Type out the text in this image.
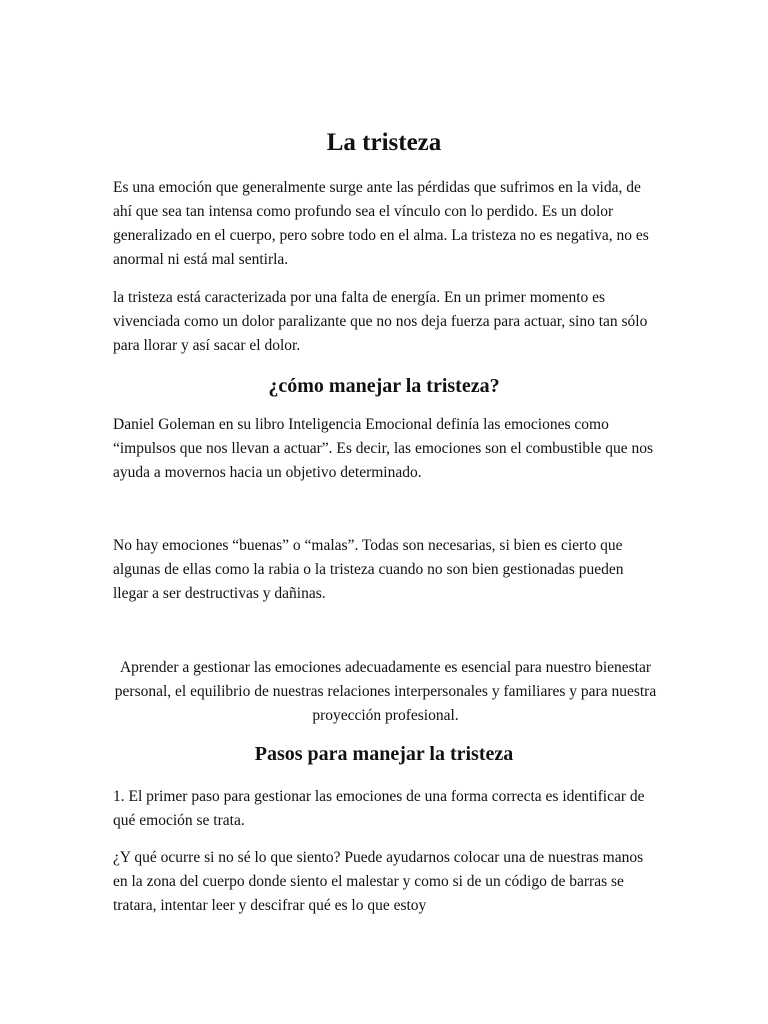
La tristeza

Es una emoción que generalmente surge ante las pérdidas que sufrimos en la vida, de ahí que sea tan intensa como profundo sea el vínculo con lo perdido. Es un dolor generalizado en el cuerpo, pero sobre todo en el alma. La tristeza no es negativa, no es anormal ni está mal sentirla.

la tristeza está caracterizada por una falta de energía. En un primer momento es vivenciada como un dolor paralizante que no nos deja fuerza para actuar, sino tan sólo para llorar y así sacar el dolor.

¿cómo manejar la tristeza?

Daniel Goleman en su libro Inteligencia Emocional definía las emociones como “impulsos que nos llevan a actuar”. Es decir, las emociones son el combustible que nos ayuda a movernos hacia un objetivo determinado.

No hay emociones “buenas” o “malas”. Todas son necesarias, si bien es cierto que algunas de ellas como la rabia o la tristeza cuando no son bien gestionadas pueden llegar a ser destructivas y dañinas.

Aprender a gestionar las emociones adecuadamente es esencial para nuestro bienestar personal, el equilibrio de nuestras relaciones interpersonales y familiares y para nuestra proyección profesional.

Pasos para manejar la tristeza

1. El primer paso para gestionar las emociones de una forma correcta es identificar de qué emoción se trata.

¿Y qué ocurre si no sé lo que siento? Puede ayudarnos colocar una de nuestras manos en la zona del cuerpo donde siento el malestar y como si de un código de barras se tratara, intentar leer y descifrar qué es lo que estoy
